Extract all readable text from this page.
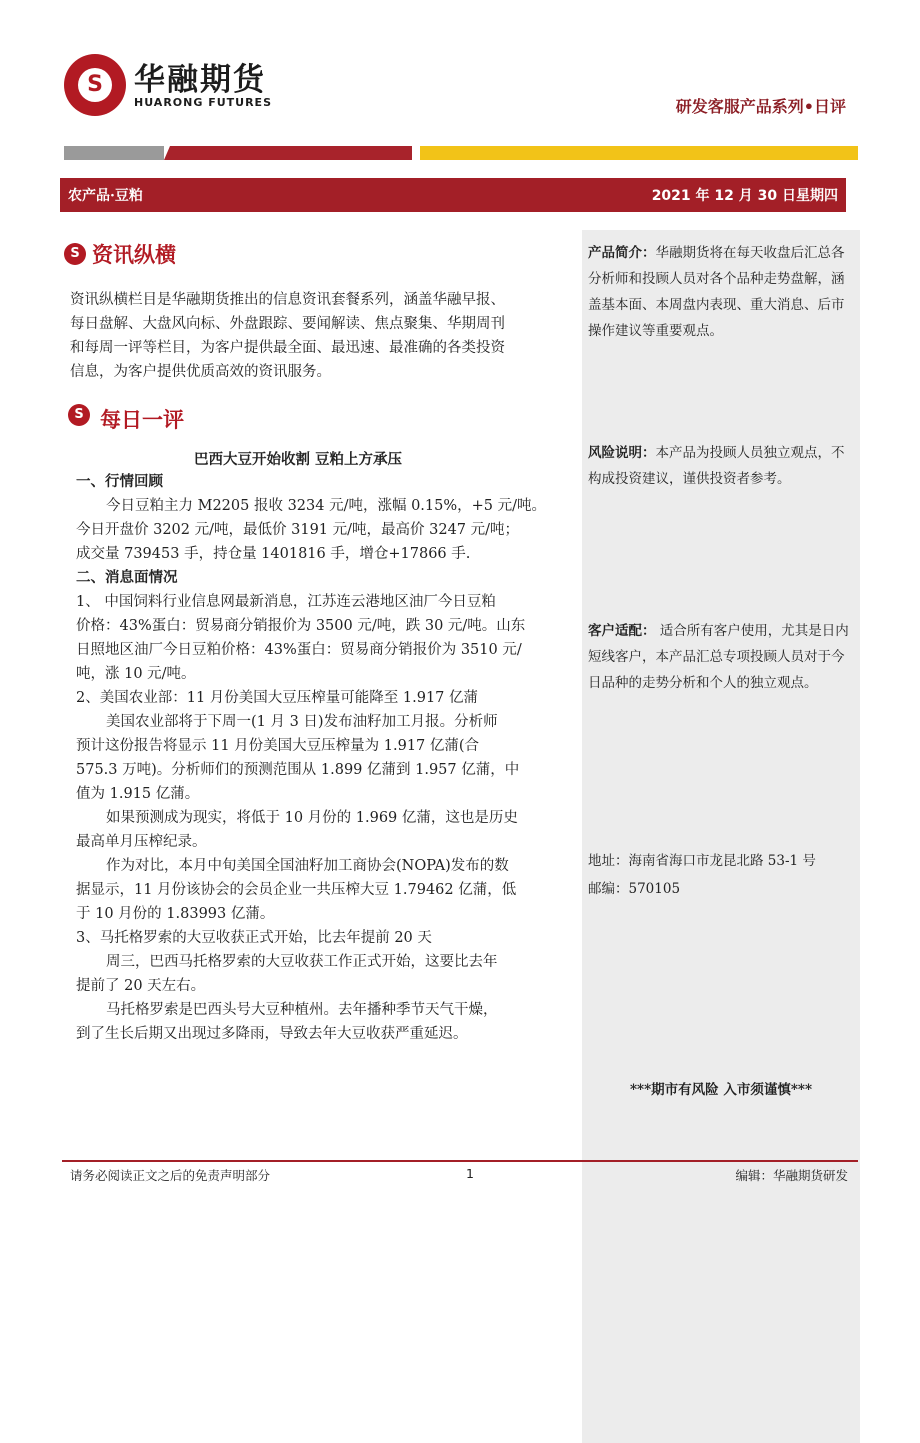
S 华融期货
HUARONG FUTURES	研发客服产品系列•日评
农产品·豆粕	2021 年 12 月 30 日星期四
产品简介：华融期货将在每天收盘后汇总各分析师和投顾人员对各个品种走势盘解，涵盖基本面、本周盘内表现、重大消息、后市操作建议等重要观点。
风险说明：本产品为投顾人员独立观点，不构成投资建议，谨供投资者参考。
客户适配： 适合所有客户使用，尤其是日内短线客户，本产品汇总专项投顾人员对于今日品种的走势分析和个人的独立观点。
地址：海南省海口市龙昆北路 53-1 号
邮编：570105
***期市有风险 入市须谨慎***
S 资讯纵横
资讯纵横栏目是华融期货推出的信息资讯套餐系列，涵盖华融早报、
每日盘解、大盘风向标、外盘跟踪、要闻解读、焦点聚集、华期周刊
和每周一评等栏目，为客户提供最全面、最迅速、最准确的各类投资
信息，为客户提供优质高效的资讯服务。
S 每日一评
巴西大豆开始收割 豆粕上方承压
一、行情回顾
今日豆粕主力 M2205 报收 3234 元/吨，涨幅 0.15%，+5 元/吨。
今日开盘价 3202 元/吨，最低价 3191 元/吨，最高价 3247 元/吨；
成交量 739453 手，持仓量 1401816 手，增仓+17866 手.
二、消息面情况
1、 中国饲料行业信息网最新消息，江苏连云港地区油厂今日豆粕
价格：43%蛋白：贸易商分销报价为 3500 元/吨，跌 30 元/吨。山东
日照地区油厂今日豆粕价格：43%蛋白：贸易商分销报价为 3510 元/
吨，涨 10 元/吨。
2、美国农业部：11 月份美国大豆压榨量可能降至 1.917 亿蒲
美国农业部将于下周一(1 月 3 日)发布油籽加工月报。分析师
预计这份报告将显示 11 月份美国大豆压榨量为 1.917 亿蒲(合
575.3 万吨)。分析师们的预测范围从 1.899 亿蒲到 1.957 亿蒲，中
值为 1.915 亿蒲。
如果预测成为现实，将低于 10 月份的 1.969 亿蒲，这也是历史
最高单月压榨纪录。
作为对比，本月中旬美国全国油籽加工商协会(NOPA)发布的数
据显示，11 月份该协会的会员企业一共压榨大豆 1.79462 亿蒲，低
于 10 月份的 1.83993 亿蒲。
3、马托格罗索的大豆收获正式开始，比去年提前 20 天
周三，巴西马托格罗索的大豆收获工作正式开始，这要比去年
提前了 20 天左右。
马托格罗索是巴西头号大豆种植州。去年播种季节天气干燥，
到了生长后期又出现过多降雨，导致去年大豆收获严重延迟。
请务必阅读正文之后的免责声明部分	1	编辑：华融期货研发
